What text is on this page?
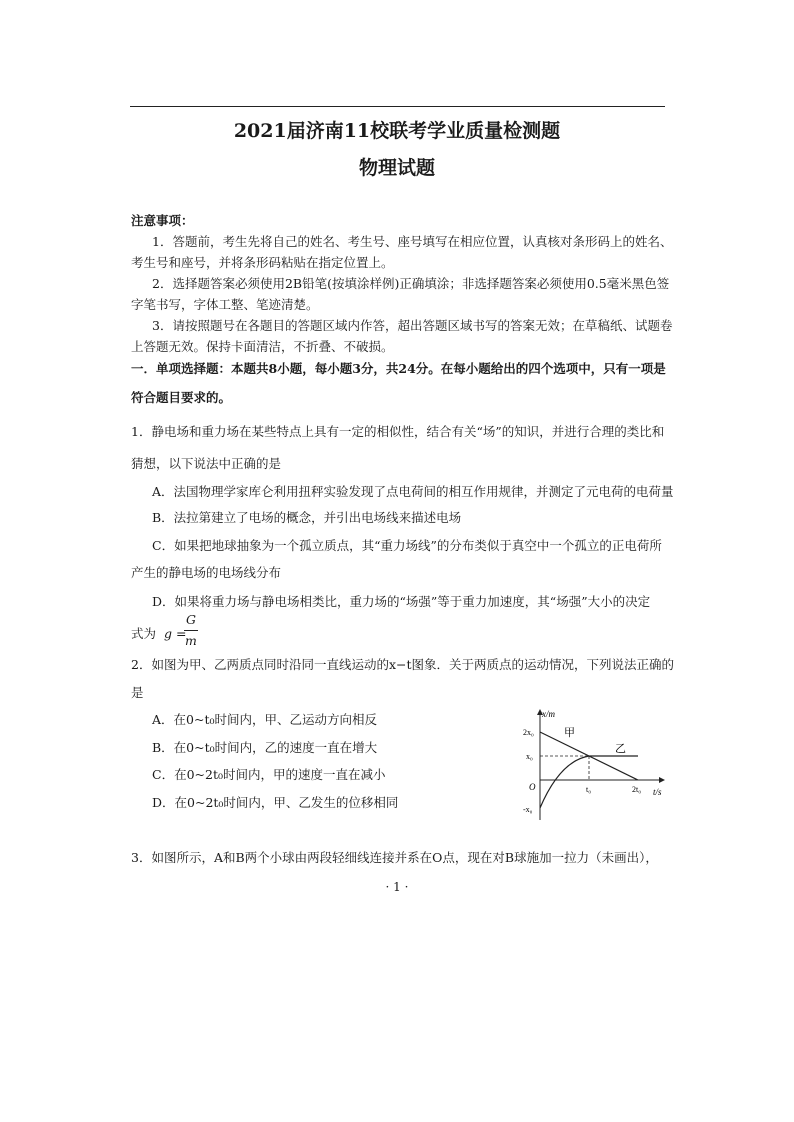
2021届济南11校联考学业质量检测题
物理试题
注意事项：
1．答题前，考生先将自己的姓名、考生号、座号填写在相应位置，认真核对条形码上的姓名、
考生号和座号，并将条形码粘贴在指定位置上。
2．选择题答案必须使用2B铅笔(按填涂样例)正确填涂；非选择题答案必须使用0.5毫米黑色签
字笔书写，字体工整、笔迹清楚。
3．请按照题号在各题目的答题区域内作答，超出答题区域书写的答案无效；在草稿纸、试题卷
上答题无效。保持卡面清洁，不折叠、不破损。
一．单项选择题：本题共8小题，每小题3分，共24分。在每小题给出的四个选项中，只有一项是
符合题目要求的。
1．静电场和重力场在某些特点上具有一定的相似性，结合有关“场”的知识，并进行合理的类比和
猜想，以下说法中正确的是
A．法国物理学家库仑利用扭秤实验发现了点电荷间的相互作用规律，并测定了元电荷的电荷量
B．法拉第建立了电场的概念，并引出电场线来描述电场
C．如果把地球抽象为一个孤立质点，其“重力场线”的分布类似于真空中一个孤立的正电荷所
产生的静电场的电场线分布
D．如果将重力场与静电场相类比，重力场的“场强”等于重力加速度，其“场强”大小的决定
式为 g =
G
m
2．如图为甲、乙两质点同时沿同一直线运动的x−t图象．关于两质点的运动情况，下列说法正确的
是
A．在0~t₀时间内，甲、乙运动方向相反
B．在0~t₀时间内，乙的速度一直在增大
C．在0~2t₀时间内，甲的速度一直在减小
D．在0~2t₀时间内，甲、乙发生的位移相同
x/m
t/s
2x₀
x₀
-x₀
O	t₀	2t₀
甲
乙
3．如图所示，A和B两个小球由两段轻细线连接并系在O点，现在对B球施加一拉力（未画出），
· 1 ·
